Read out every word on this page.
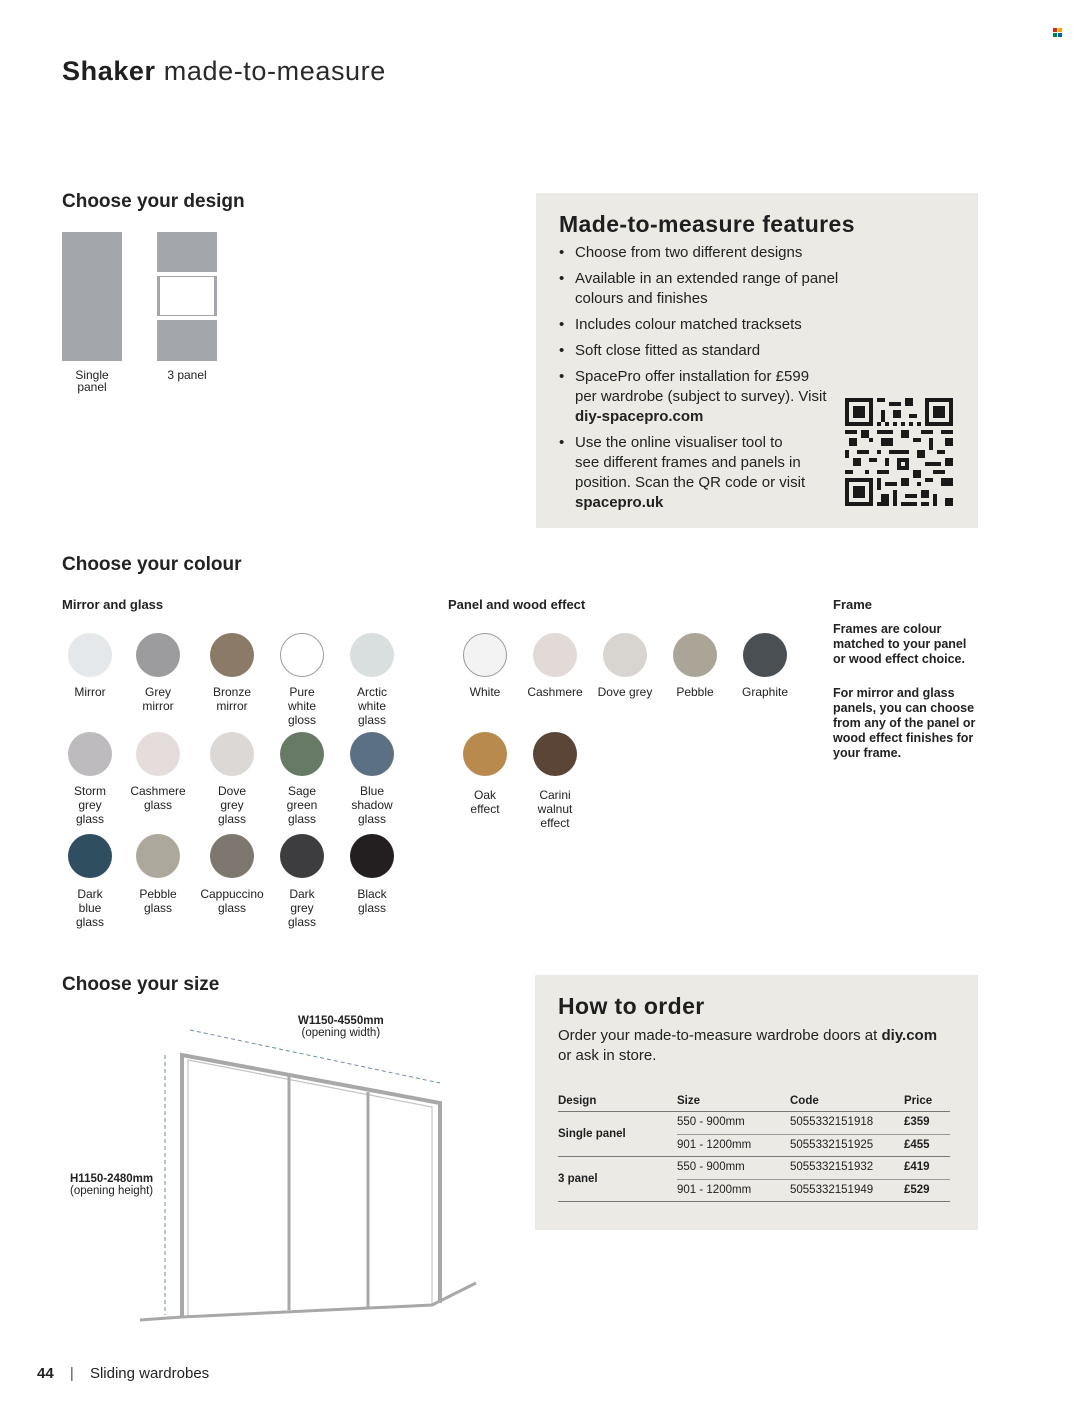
Shaker made-to-measure
Choose your design
Single
panel
3 panel
Made-to-measure features
• Choose from two different designs
• Available in an extended range of panel colours and finishes
• Includes colour matched tracksets
• Soft close fitted as standard
• SpacePro offer installation for £599 per wardrobe (subject to survey). Visit diy-spacepro.com
• Use the online visualiser tool to see different frames and panels in position. Scan the QR code or visit spacepro.uk
Choose your colour
Mirror and glass	Panel and wood effect	Frame
Frames are colour matched to your panel or wood effect choice.
For mirror and glass panels, you can choose from any of the panel or wood effect finishes for your frame.
Choose your size
W1150-4550mm
(opening width)
H1150-2480mm
(opening height)
How to order

Order your made-to-measure wardrobe doors at diy.com or ask in store.

Design	Size	Code	Price
Single panel
550 - 900mm	5055332151918	£359
901 - 1200mm	5055332151925	£455
3 panel
550 - 900mm	5055332151932	£419
901 - 1200mm	5055332151949	£529
44 | Sliding wardrobes
Mirror	Grey
mirror
Bronze
mirror
Pure
white
gloss
Arctic
white
glass
Storm
grey
glass
Cashmere
glass
Dove
grey
glass
Sage
green
glass
Blue
shadow
glass
Dark
blue
glass
Pebble
glass
Cappuccino
glass
Dark
grey
glass
Black
glass
White	Cashmere	Dove grey	Pebble	Graphite
Oak
effect
Carini
walnut
effect
